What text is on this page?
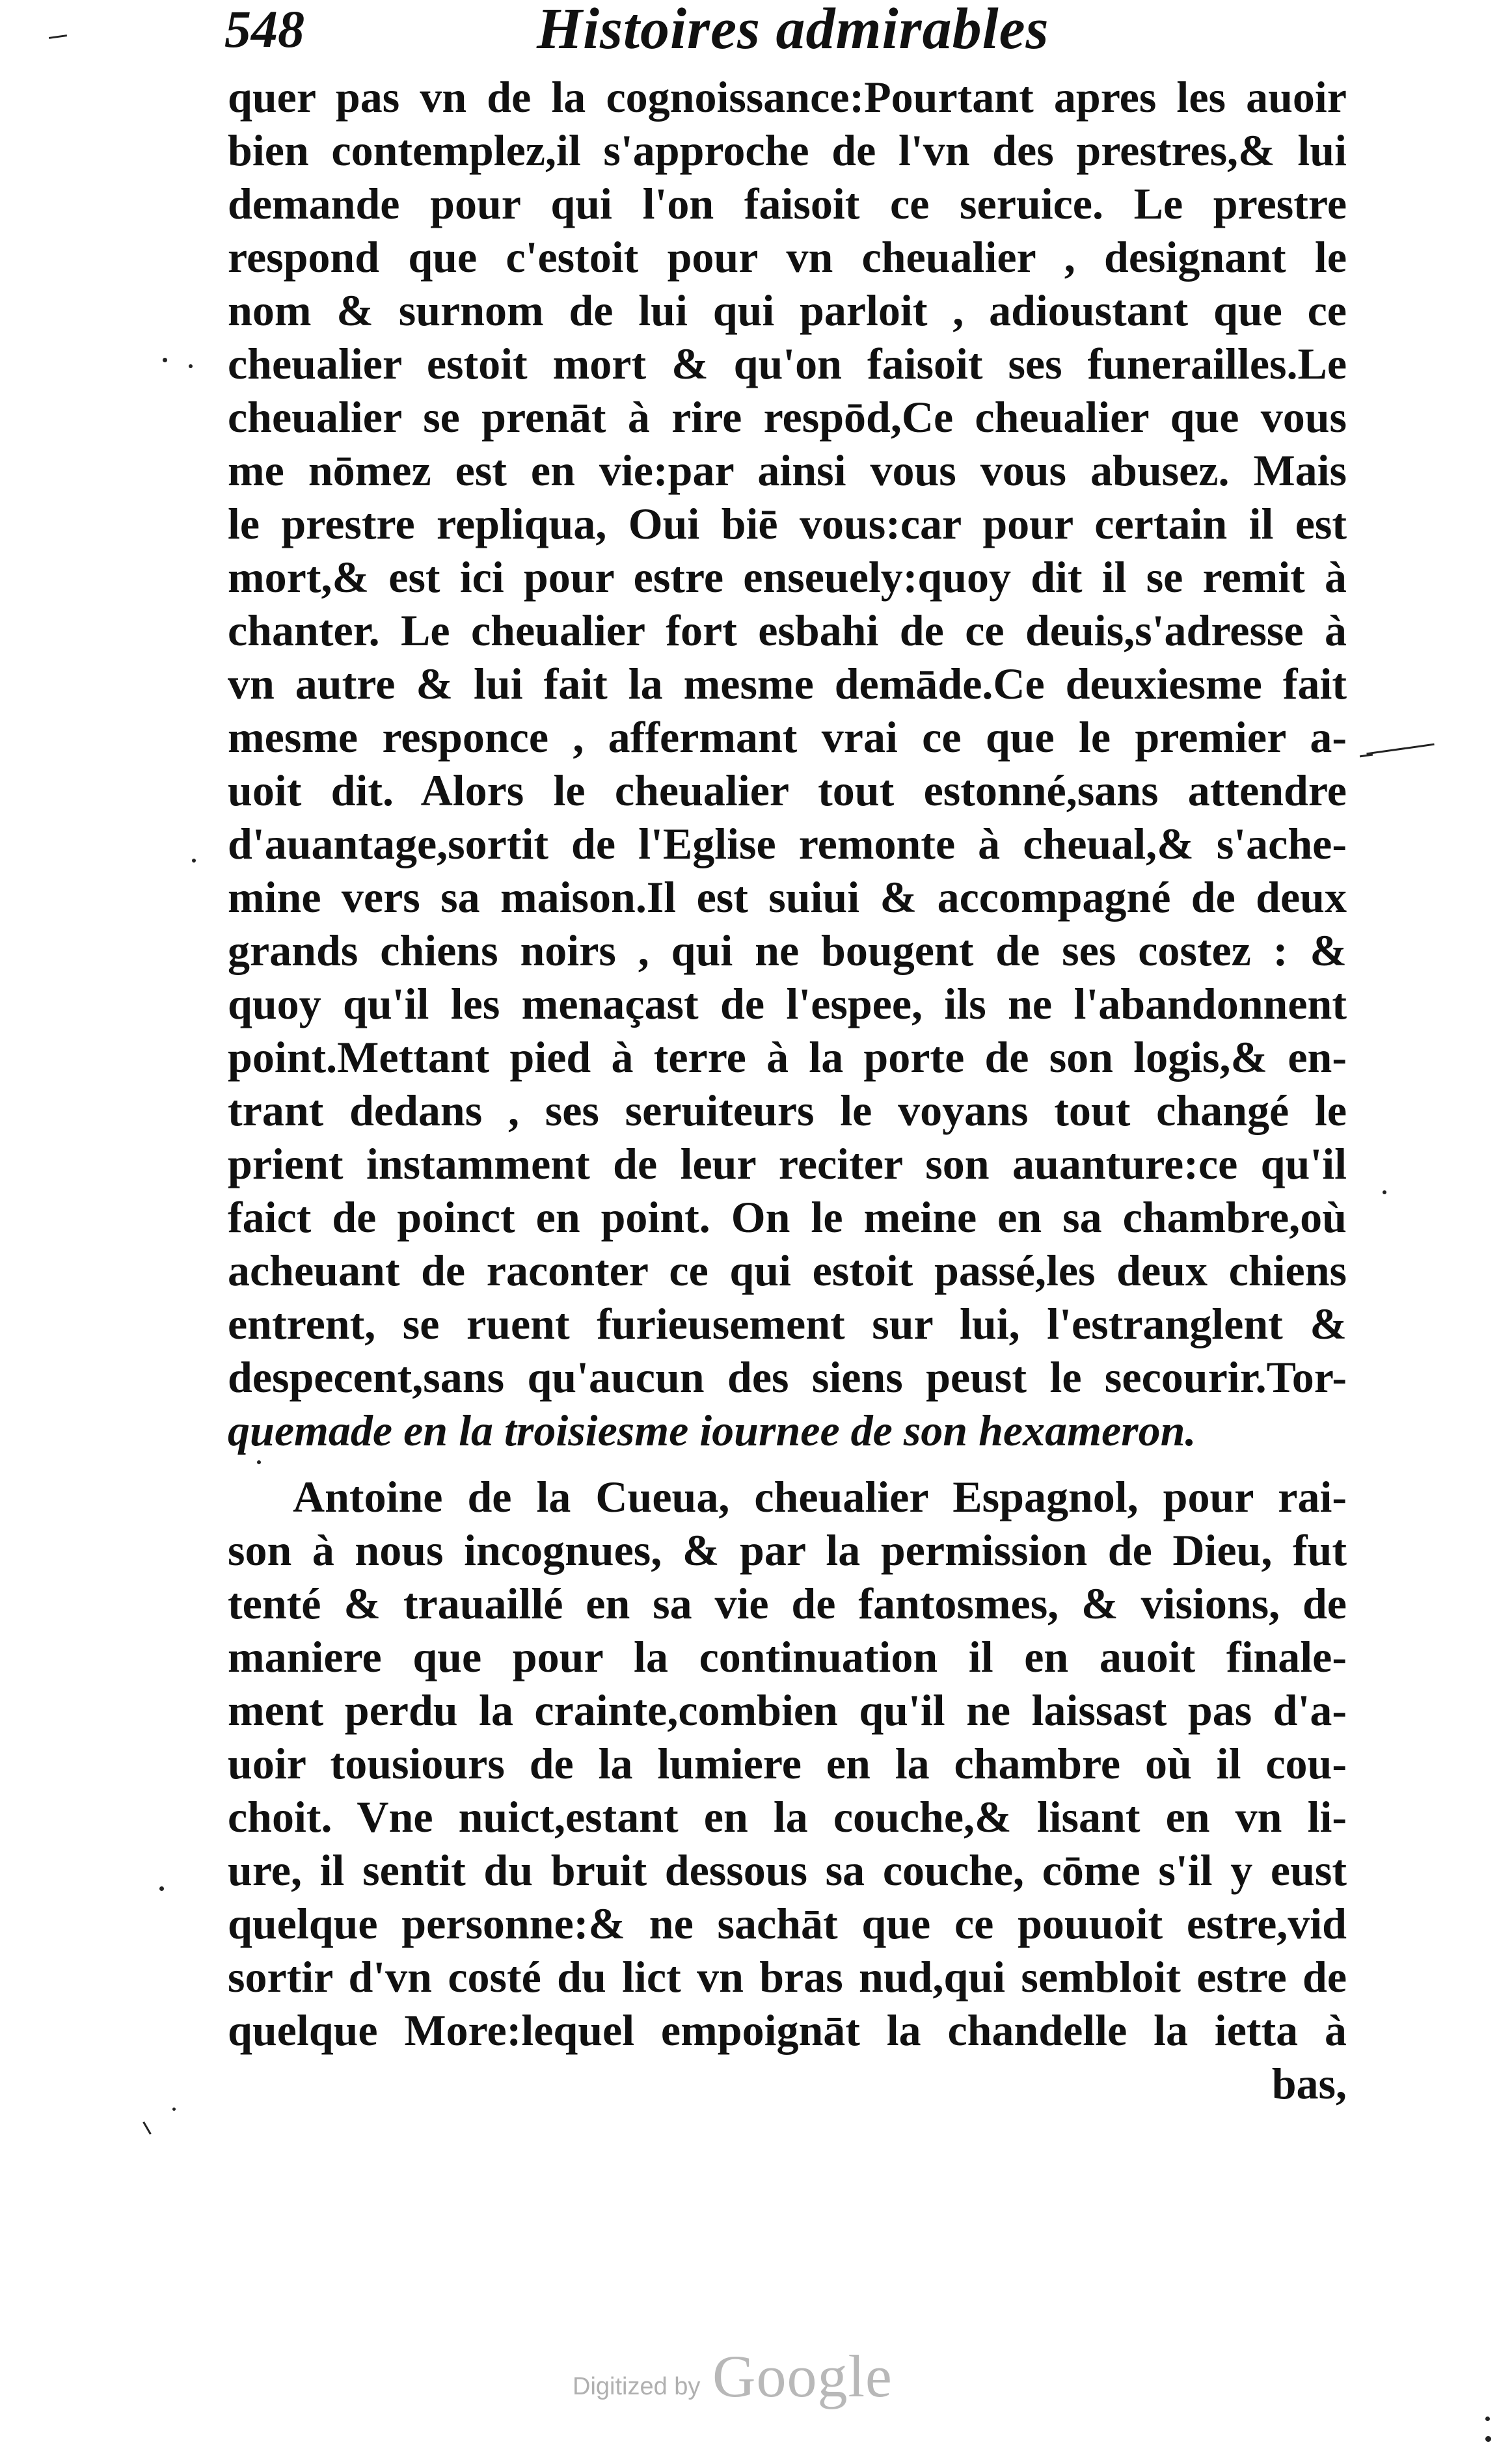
548	Histoires admirables
quer pas vn de la cognoissance:Pourtant apres les auoir
bien contemplez,il s'approche de l'vn des prestres,& lui
demande pour qui l'on faisoit ce seruice. Le prestre
respond que c'estoit pour vn cheualier , designant le
nom & surnom de lui qui parloit , adioustant que ce
cheualier estoit mort & qu'on faisoit ses funerailles.Le
cheualier se prenāt à rire respōd,Ce cheualier que vous
me nōmez est en vie:par ainsi vous vous abusez. Mais
le prestre repliqua, Oui biē vous:car pour certain il est
mort,& est ici pour estre enseuely:quoy dit il se remit à
chanter. Le cheualier fort esbahi de ce deuis,s'adresse à
vn autre & lui fait la mesme demāde.Ce deuxiesme fait
mesme responce , affermant vrai ce que le premier a-
uoit dit. Alors le cheualier tout estonné,sans attendre
d'auantage,sortit de l'Eglise remonte à cheual,& s'ache-
mine vers sa maison.Il est suiui & accompagné de deux
grands chiens noirs , qui ne bougent de ses costez : &
quoy qu'il les menaçast de l'espee, ils ne l'abandonnent
point.Mettant pied à terre à la porte de son logis,& en-
trant dedans , ses seruiteurs le voyans tout changé le
prient instamment de leur reciter son auanture:ce qu'il
faict de poinct en point. On le meine en sa chambre,où
acheuant de raconter ce qui estoit passé,les deux chiens
entrent, se ruent furieusement sur lui, l'estranglent &
despecent,sans qu'aucun des siens peust le secourir.Tor-
quemade en la troisiesme iournee de son hexameron.
Antoine de la Cueua, cheualier Espagnol, pour rai-
son à nous incognues, & par la permission de Dieu, fut
tenté & trauaillé en sa vie de fantosmes, & visions, de
maniere que pour la continuation il en auoit finale-
ment perdu la crainte,combien qu'il ne laissast pas d'a-
uoir tousiours de la lumiere en la chambre où il cou-
choit. Vne nuict,estant en la couche,& lisant en vn li-
ure, il sentit du bruit dessous sa couche, cōme s'il y eust
quelque personne:& ne sachāt que ce pouuoit estre,vid
sortir d'vn costé du lict vn bras nud,qui sembloit estre de
quelque More:lequel empoignāt la chandelle la ietta à
bas,
Digitized by Google
